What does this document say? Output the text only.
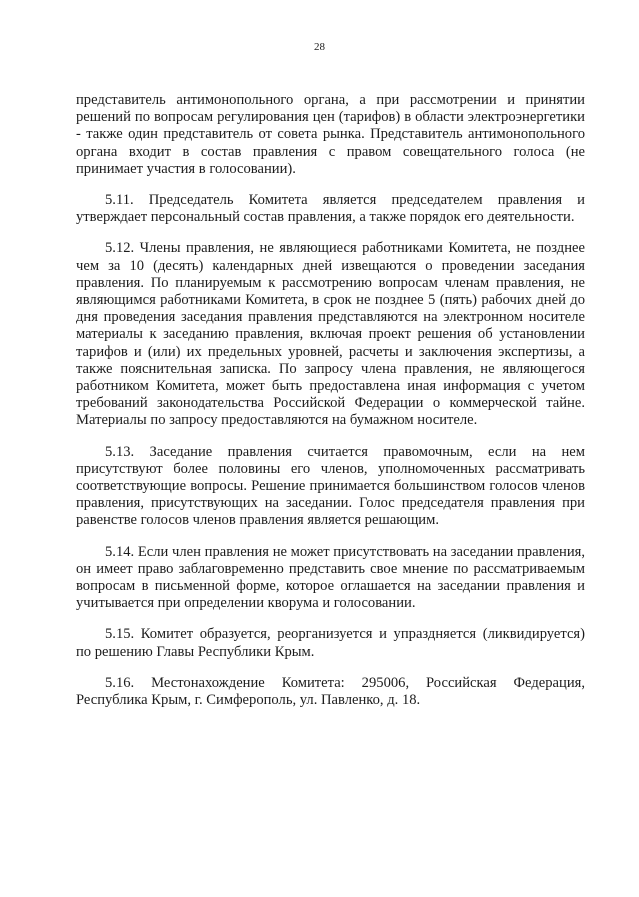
28

представитель антимонопольного органа, а при рассмотрении и принятии решений по вопросам регулирования цен (тарифов) в области электроэнергетики - также один представитель от совета рынка. Представитель антимонопольного органа входит в состав правления с правом совещательного голоса (не принимает участия в голосовании).

5.11. Председатель Комитета является председателем правления и утверждает персональный состав правления, а также порядок его деятельности.

5.12. Члены правления, не являющиеся работниками Комитета, не позднее чем за 10 (десять) календарных дней извещаются о проведении заседания правления. По планируемым к рассмотрению вопросам членам правления, не являющимся работниками Комитета, в срок не позднее 5 (пять) рабочих дней до дня проведения заседания правления представляются на электронном носителе материалы к заседанию правления, включая проект решения об установлении тарифов и (или) их предельных уровней, расчеты и заключения экспертизы, а также пояснительная записка. По запросу члена правления, не являющегося работником Комитета, может быть предоставлена иная информация с учетом требований законодательства Российской Федерации о коммерческой тайне. Материалы по запросу предоставляются на бумажном носителе.

5.13. Заседание правления считается правомочным, если на нем присутствуют более половины его членов, уполномоченных рассматривать соответствующие вопросы. Решение принимается большинством голосов членов правления, присутствующих на заседании. Голос председателя правления при равенстве голосов членов правления является решающим.

5.14. Если член правления не может присутствовать на заседании правления, он имеет право заблаговременно представить свое мнение по рассматриваемым вопросам в письменной форме, которое оглашается на заседании правления и учитывается при определении кворума и голосовании.

5.15. Комитет образуется, реорганизуется и упраздняется (ликвидируется) по решению Главы Республики Крым.

5.16. Местонахождение Комитета: 295006, Российская Федерация, Республика Крым, г. Симферополь, ул. Павленко, д. 18.
